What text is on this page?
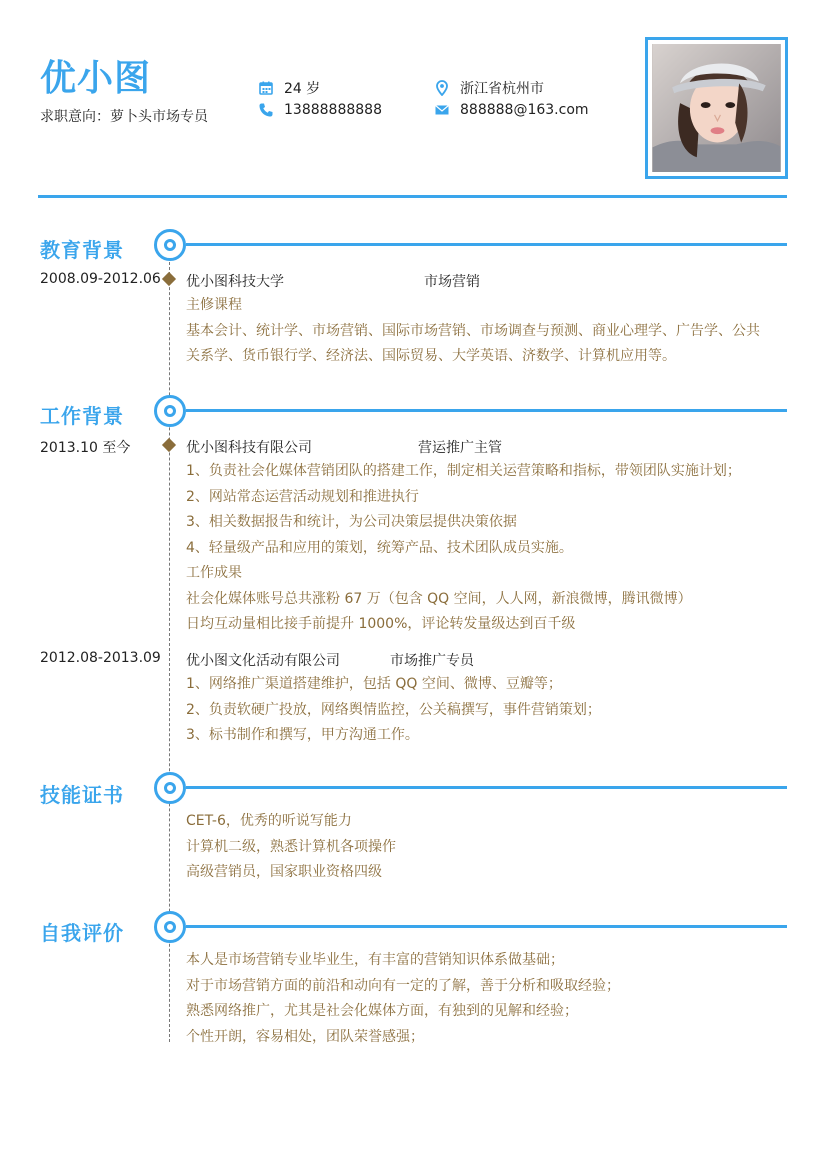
优小图
求职意向：萝卜头市场专员
24 岁
13888888888
浙江省杭州市
888888@163.com
教育背景
2008.09-2012.06 优小图科技大学	市场营销
主修课程
基本会计、统计学、市场营销、国际市场营销、市场调查与预测、商业心理学、广告学、公共
关系学、货币银行学、经济法、国际贸易、大学英语、济数学、计算机应用等。
工作背景
2013.10 至今	优小图科技有限公司	营运推广主管
1、负责社会化媒体营销团队的搭建工作，制定相关运营策略和指标，带领团队实施计划；
2、网站常态运营活动规划和推进执行
3、相关数据报告和统计，为公司决策层提供决策依据
4、轻量级产品和应用的策划，统筹产品、技术团队成员实施。
工作成果
社会化媒体账号总共涨粉 67 万（包含 QQ 空间，人人网，新浪微博，腾讯微博）
日均互动量相比接手前提升 1000%，评论转发量级达到百千级
2012.08-2013.09 优小图文化活动有限公司	市场推广专员
1、网络推广渠道搭建维护，包括 QQ 空间、微博、豆瓣等；
2、负责软硬广投放，网络舆情监控，公关稿撰写，事件营销策划；
3、标书制作和撰写，甲方沟通工作。
技能证书
CET-6，优秀的听说写能力
计算机二级，熟悉计算机各项操作
高级营销员，国家职业资格四级
自我评价
本人是市场营销专业毕业生，有丰富的营销知识体系做基础；
对于市场营销方面的前沿和动向有一定的了解，善于分析和吸取经验；
熟悉网络推广，尤其是社会化媒体方面，有独到的见解和经验；
个性开朗，容易相处，团队荣誉感强；
